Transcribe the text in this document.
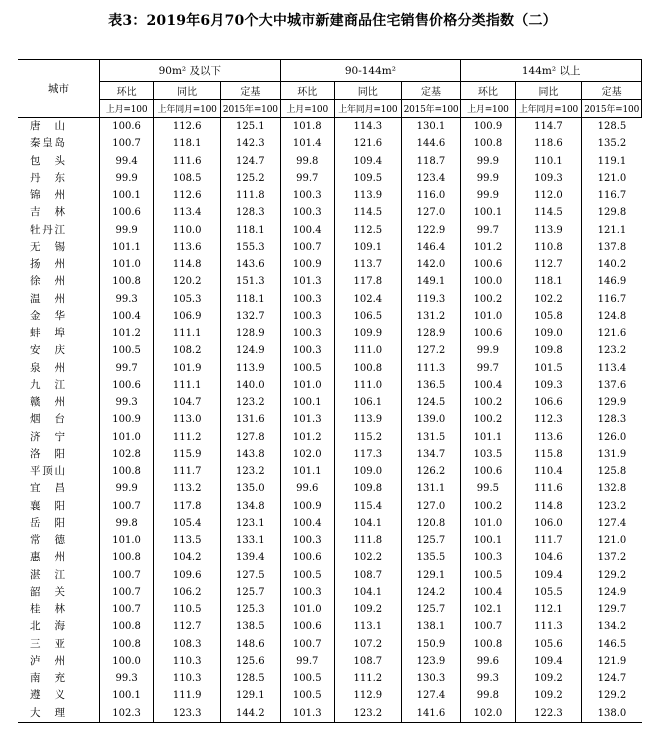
表3：2019年6月70个大中城市新建商品住宅销售价格分类指数（二）
城市	90m² 及以下			90-144m²			144m² 以上		
	环比	同比	定基	环比	同比	定基	环比	同比	定基
	上月=100	上年同月=100	2015年=100	上月=100	上年同月=100	2015年=100	上月=100	上年同月=100	2015年=100
唐山	100.6	112.6	125.1	101.8	114.3	130.1	100.9	114.7	128.5
秦皇岛	100.7	118.1	142.3	101.4	121.6	144.6	100.8	118.6	135.2
包头	99.4	111.6	124.7	99.8	109.4	118.7	99.9	110.1	119.1
丹东	99.9	108.5	125.2	99.7	109.5	123.4	99.9	109.3	121.0
锦州	100.1	112.6	111.8	100.3	113.9	116.0	99.9	112.0	116.7
吉林	100.6	113.4	128.3	100.3	114.5	127.0	100.1	114.5	129.8
牡丹江	99.9	110.0	118.1	100.4	112.5	122.9	99.7	113.9	121.1
无锡	101.1	113.6	155.3	100.7	109.1	146.4	101.2	110.8	137.8
扬州	101.0	114.8	143.6	100.9	113.7	142.0	100.6	112.7	140.2
徐州	100.8	120.2	151.3	101.3	117.8	149.1	100.0	118.1	146.9
温州	99.3	105.3	118.1	100.3	102.4	119.3	100.2	102.2	116.7
金华	100.4	106.9	132.7	100.3	106.5	131.2	101.0	105.8	124.8
蚌埠	101.2	111.1	128.9	100.3	109.9	128.9	100.6	109.0	121.6
安庆	100.5	108.2	124.9	100.3	111.0	127.2	99.9	109.8	123.2
泉州	99.7	101.9	113.9	100.5	100.8	111.3	99.7	101.5	113.4
九江	100.6	111.1	140.0	101.0	111.0	136.5	100.4	109.3	137.6
赣州	99.3	104.7	123.2	100.1	106.1	124.5	100.2	106.6	129.9
烟台	100.9	113.0	131.6	101.3	113.9	139.0	100.2	112.3	128.3
济宁	101.0	111.2	127.8	101.2	115.2	131.5	101.1	113.6	126.0
洛阳	102.8	115.9	143.8	102.0	117.3	134.7	103.5	115.8	131.9
平顶山	100.8	111.7	123.2	101.1	109.0	126.2	100.6	110.4	125.8
宜昌	99.9	113.2	135.0	99.6	109.8	131.1	99.5	111.6	132.8
襄阳	100.7	117.8	134.8	100.9	115.4	127.0	100.2	114.8	123.2
岳阳	99.8	105.4	123.1	100.4	104.1	120.8	101.0	106.0	127.4
常德	101.0	113.5	133.1	100.3	111.8	125.7	100.1	111.7	121.0
惠州	100.8	104.2	139.4	100.6	102.2	135.5	100.3	104.6	137.2
湛江	100.7	109.6	127.5	100.5	108.7	129.1	100.5	109.4	129.2
韶关	100.7	106.2	125.7	100.3	104.1	124.2	100.4	105.5	124.9
桂林	100.7	110.5	125.3	101.0	109.2	125.7	102.1	112.1	129.7
北海	100.8	112.7	138.5	100.6	113.1	138.1	100.7	111.3	134.2
三亚	100.8	108.3	148.6	100.7	107.2	150.9	100.8	105.6	146.5
泸州	100.0	110.3	125.6	99.7	108.7	123.9	99.6	109.4	121.9
南充	99.3	110.3	128.5	100.5	111.2	130.3	99.3	109.2	124.7
遵义	100.1	111.9	129.1	100.5	112.9	127.4	99.8	109.2	129.2
大理	102.3	123.3	144.2	101.3	123.2	141.6	102.0	122.3	138.0
